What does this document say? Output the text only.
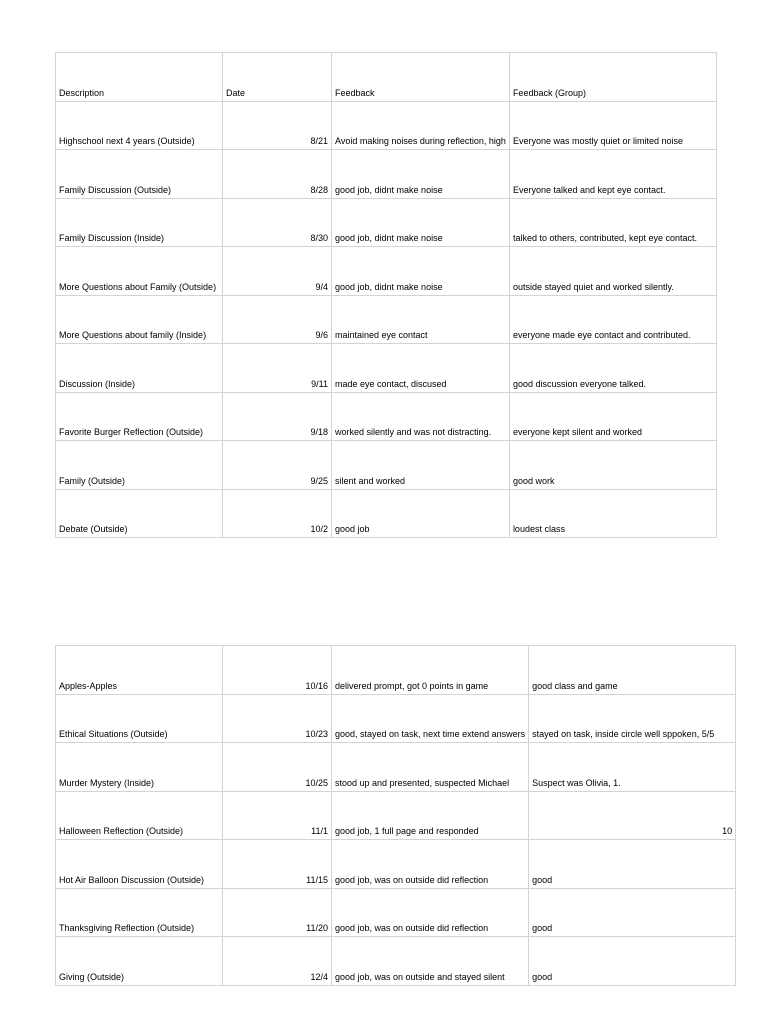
Description	Date	Feedback	Feedback (Group)
Highschool next 4 years (Outside)	8/21	Avoid making noises during reflection, high	Everyone was mostly quiet or limited noise
Family Discussion (Outside)	8/28	good job, didnt make noise	Everyone talked and kept eye contact.
Family Discussion (Inside)	8/30	good job, didnt make noise	talked to others, contributed, kept eye contact.
More Questions about Family (Outside)	9/4	good job, didnt make noise	outside stayed quiet and worked silently.
More Questions about family (Inside)	9/6	maintained eye contact	everyone made eye contact and contributed.
Discussion (Inside)	9/11	made eye contact, discused	good discussion everyone talked.
Favorite Burger Reflection (Outside)	9/18	worked silently and was not distracting.	everyone kept silent and worked
Family (Outside)	9/25	silent and worked	good work
Debate (Outside)	10/2	good job	loudest class
Apples-Apples	10/16	delivered prompt, got 0 points in game	good class and game
Ethical Situations (Outside)	10/23	good, stayed on task, next time extend answers	stayed on task, inside circle well sppoken, 5/5
Murder Mystery (Inside)	10/25	stood up and presented, suspected Michael	Suspect was Olivia, 1.
Halloween Reflection (Outside)	11/1	good job, 1 full page and responded	10
Hot Air Balloon Discussion (Outside)	11/15	good job, was on outside did reflection	good
Thanksgiving Reflection (Outside)	11/20	good job, was on outside did reflection	good
Giving (Outside)	12/4	good job, was on outside and stayed silent	good
